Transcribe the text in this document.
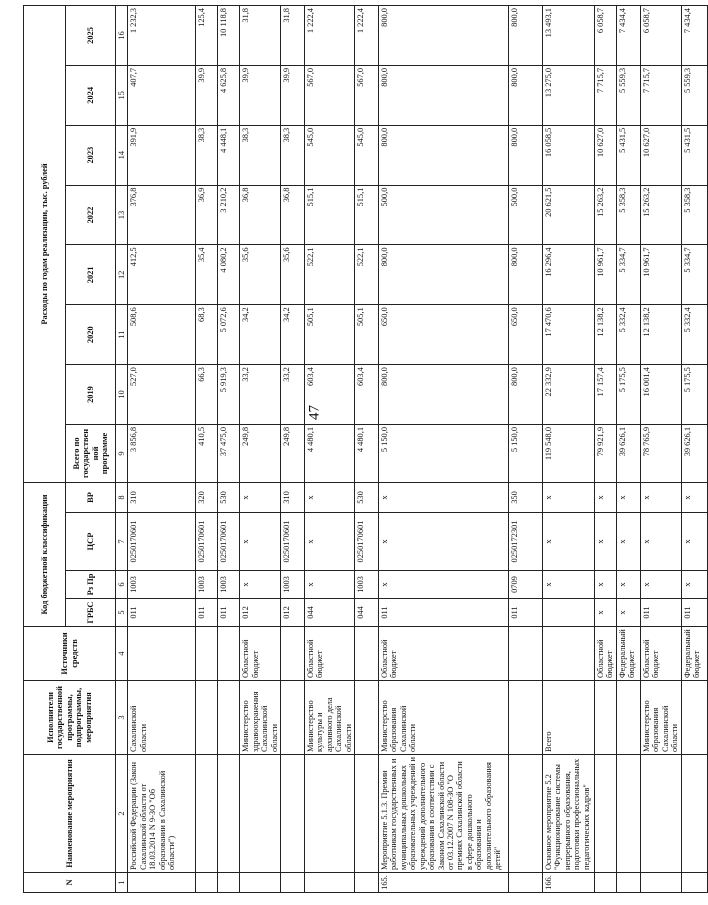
47
N	Наименование мероприятия	Исполнители государственной программы, подпрограммы, мероприятия	Источники средств	Код бюджетной классификации				Расходы по годам реализации, тыс. рублей							
				ГРБС	Рз Пр	ЦСР	ВР	Всего по государственной программе	2019	2020	2021	2022	2023	2024	2025
1	2	3	4	5	6	7	8	9	10	11	12	13	14	15	16
	Российской Федерации (Закон Сахалинской области от 18.03.2014 N 9-ЗО "Об образовании в Сахалинской области")	Сахалинской области		011	1003	0250170601	310	3 856,8	527,0	508,6	412,5	376,8	391,9	407,7	1 232,3
				011	1003	0250170601	320	410,5	66,3	68,3	35,4	36,9	38,3	39,9	125,4
				011	1003	0250170601	530	37 475,0	5 919,3	5 072,6	4 080,2	3 210,2	4 448,1	4 625,8	10 118,8
		Министерство здравоохранения Сахалинской области	Областной бюджет	012	х	х	х	249,8	33,2	34,2	35,6	36,8	38,3	39,9	31,8
				012	1003	0250170601	310	249,8	33,2	34,2	35,6	36,8	38,3	39,9	31,8
		Министерство культуры и архивного дела Сахалинской области	Областной бюджет	044	х	х	х	4 480,1	603,4	505,1	522,1	515,1	545,0	567,0	1 222,4
				044	1003	0250170601	530	4 480,1	603,4	505,1	522,1	515,1	545,0	567,0	1 222,4
165.	Мероприятие 5.1.3. Премии работникам государственных и муниципальных дошкольных образовательных учреждений и учреждений дополнительного образования в соответствии с Законом Сахалинской области от 03.12.2007 N 108-ЗО "О премиях Сахалинской области в сфере дошкольного образования и дополнительного образования детей"	Министерство образования Сахалинской области	Областной бюджет	011	х	х	х	5 150,0	800,0	650,0	800,0	500,0	800,0	800,0	800,0
				011	0709	0250172301	350	5 150,0	800,0	650,0	800,0	500,0	800,0	800,0	800,0
166.	Основное мероприятие 5.2 "Функционирование системы непрерывного образования, подготовки профессиональных педагогических кадров"	Всего			х	х	х	119 548,0	22 332,9	17 470,6	16 296,4	20 621,5	16 058,5	13 275,0	13 493,1
			Областной бюджет	х	х	х	х	79 921,9	17 157,4	12 138,2	10 961,7	15 263,2	10 627,0	7 715,7	6 058,7
			Федеральный бюджет	х	х	х	х	39 626,1	5 175,5	5 332,4	5 334,7	5 358,3	5 431,5	5 559,3	7 434,4
		Министерство образования Сахалинской области	Областной бюджет	011	х	х	х	78 765,9	16 001,4	12 138,2	10 961,7	15 263,2	10 627,0	7 715,7	6 058,7
			Федеральный бюджет	011	х	х	х	39 626,1	5 175,5	5 332,4	5 334,7	5 358,3	5 431,5	5 559,3	7 434,4
